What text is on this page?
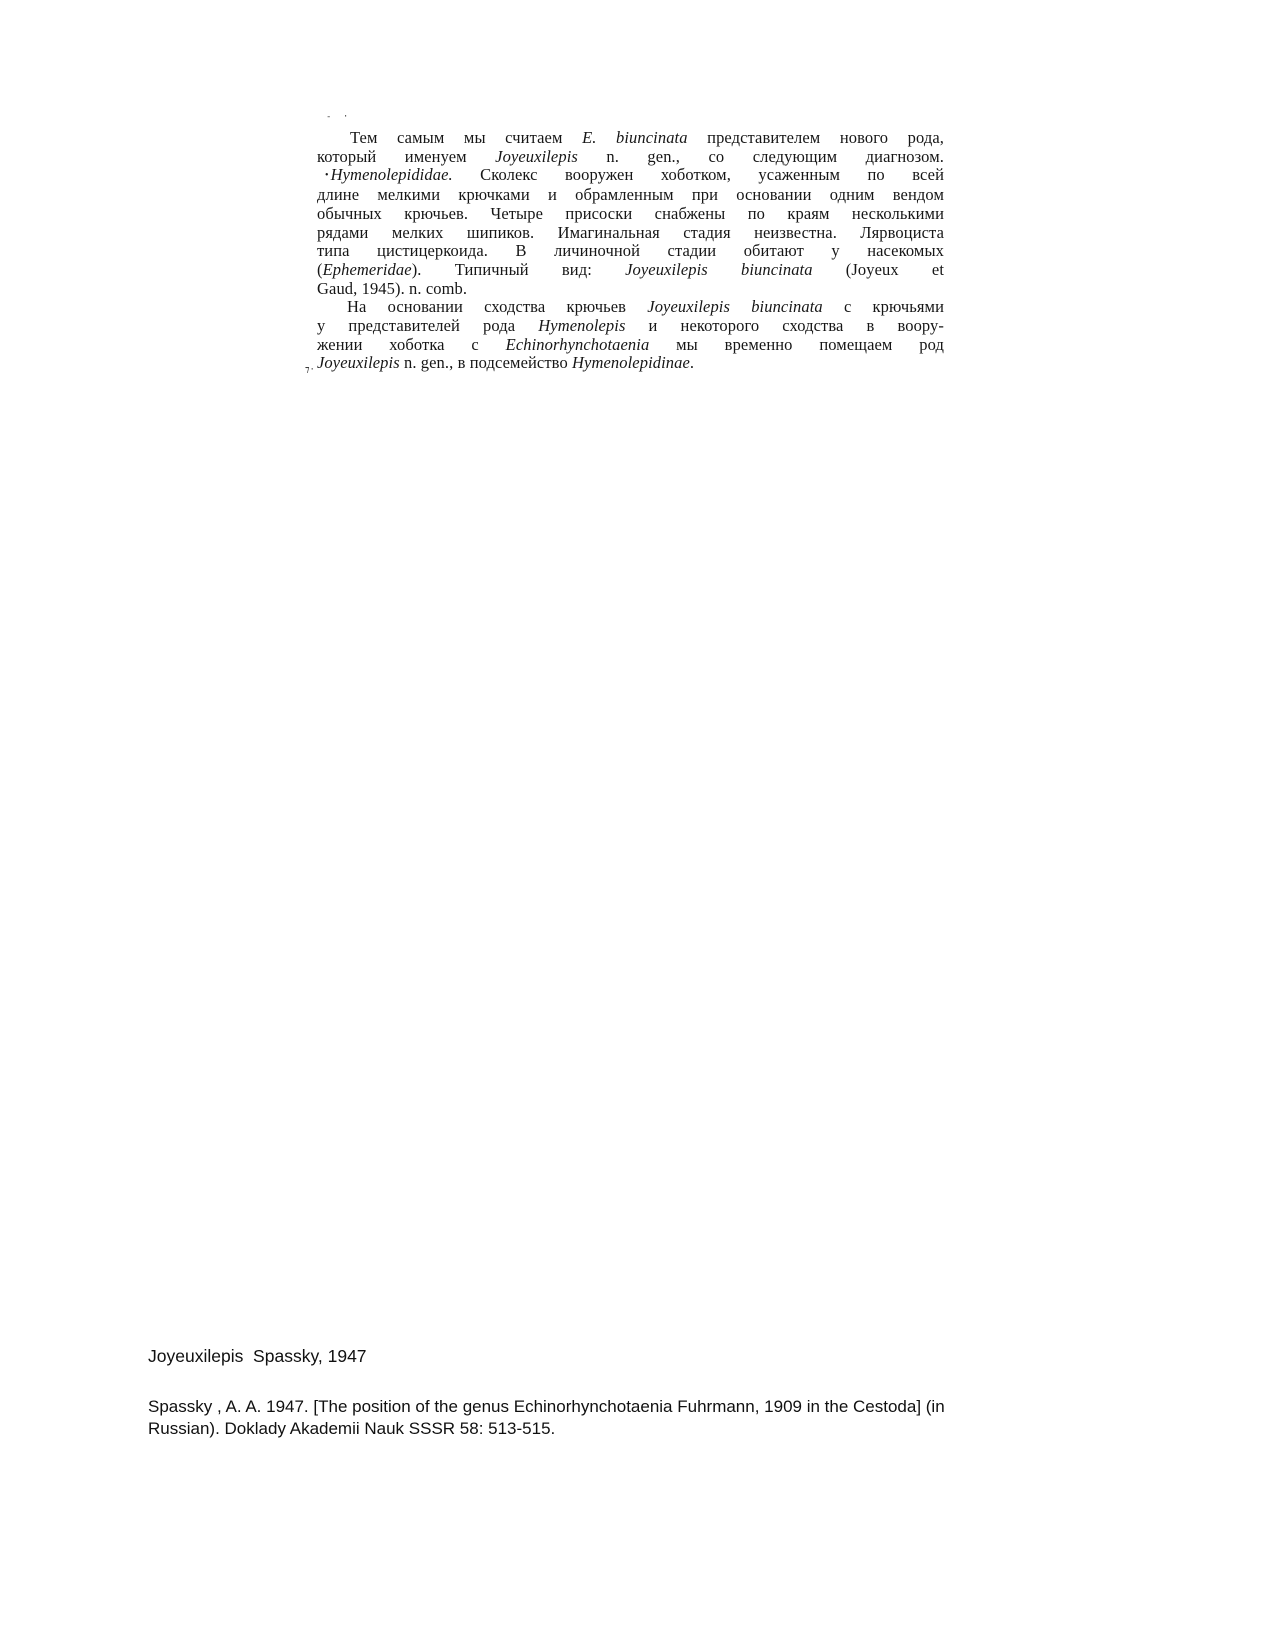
- ·
Тем самым мы считаем E. biuncinata представителем нового рода,
который именуем Joyeuxilepis n. gen., со следующим диагнозом.
• Hymenolepididae. Сколекс вооружен хоботком, усаженным по всей
длине мелкими крючками и обрамленным при основании одним вендом
обычных крючьев. Четыре присоски снабжены по краям несколькими
рядами мелких шипиков. Имагинальная стадия неизвестна. Лярвоциста
типа цистицеркоида. В личиночной стадии обитают у насекомых
(Ephemeridae). Типичный вид: Joyeuxilepis biuncinata (Joyeux et
Gaud, 1945). n. comb.
На основании сходства крючьев Joyeuxilepis biuncinata с крючьями
у представителей рода Hymenolepis и некоторого сходства в воору-
жении хоботка с Echinorhynchotaenia мы временно помещаем род
Joyeuxilepis n. gen., в подсемейство Hymenolepidinae.
⁊·
Joyeuxilepis  Spassky, 1947
Spassky , A. A. 1947. [The position of the genus Echinorhynchotaenia Fuhrmann, 1909 in the Cestoda] (in
Russian). Doklady Akademii Nauk SSSR 58: 513-515.
